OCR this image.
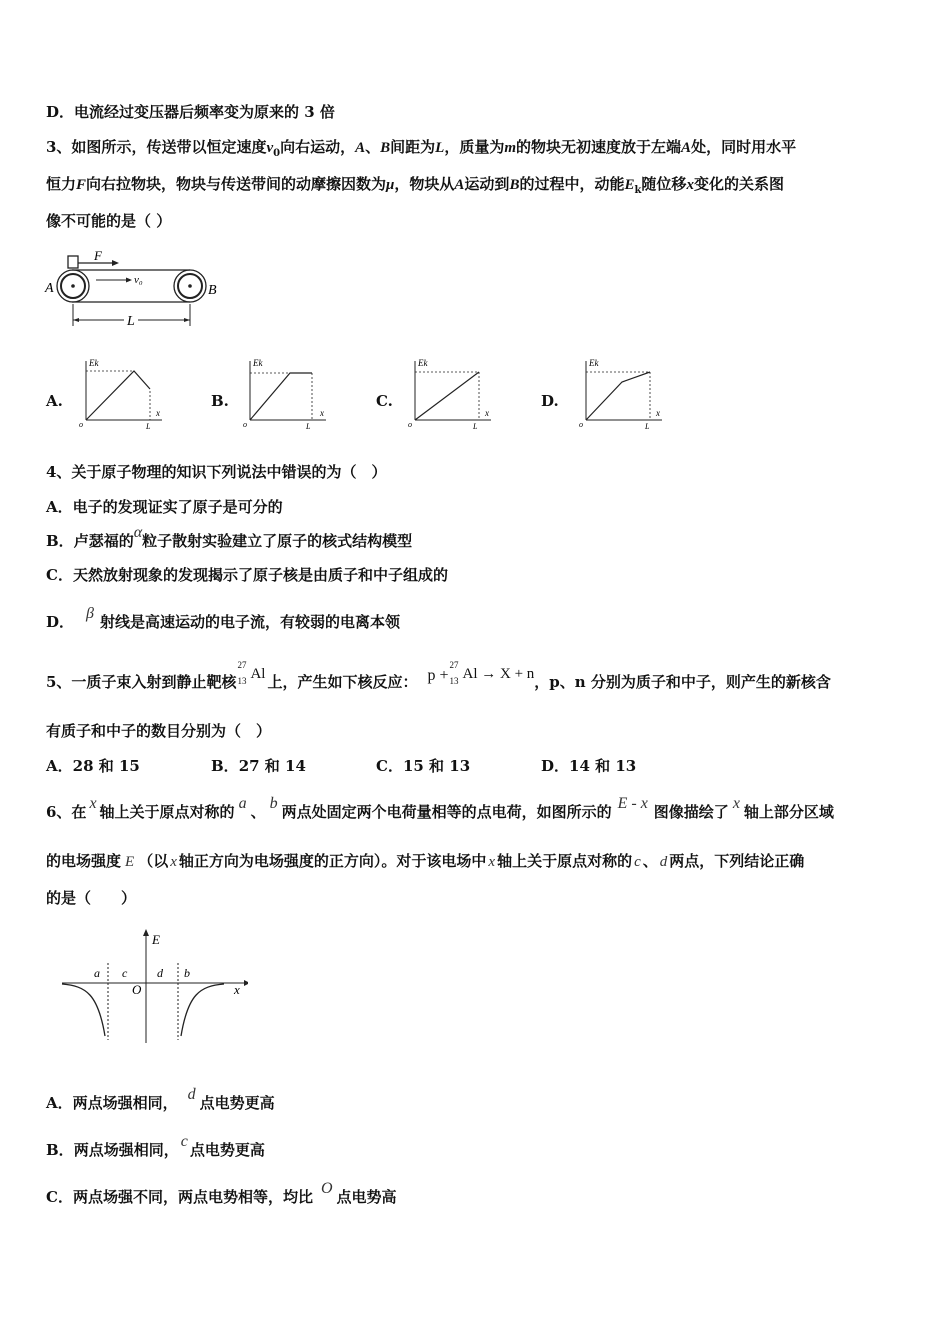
D．电流经过变压器后频率变为原来的 3 倍
3、如图所示，传送带以恒定速度$v_0$向右运动，A、B间距为L，质量为m的物块无初速度放于左端A处，同时用水平
恒力F向右拉物块，物块与传送带间的动摩擦因数为μ，物块从A运动到B的过程中，动能$E_k$随位移x变化的关系图
像不可能的是（ ）
F
v₀
A	B
L
A.
Ek
x
o	L
B.
Ek
x
o	L
C.
Ek
x
o	L
D.
Ek
x
o	L
4、关于原子物理的知识下列说法中错误的为（　）
A．电子的发现证实了原子是可分的
B．卢瑟福的α粒子散射实验建立了原子的核式结构模型
C．天然放射现象的发现揭示了原子核是由质子和中子组成的
D． β 射线是高速运动的电子流，有较弱的电离本领
5、一质子束入射到静止靶核
27
13 Al 上，产生如下核反应： p +
27
13 Al → X + n，p、n 分别为质子和中子，则产生的新核含
有质子和中子的数目分别为（　）
A．28 和 15	B．27 和 14	C．15 和 13	D．14 和 13
6、在 x 轴上关于原点对称的 a 、 b 两点处固定两个电荷量相等的点电荷，如图所示的 E - x 图像描绘了 x 轴上部分区域
的电场强度 E （以 x 轴正方向为电场强度的正方向）。对于该电场中 x 轴上关于原点对称的 c 、 d 两点，下列结论正确
的是（　　）
E
x
O
a c d b
A．两点场强相同， d 点电势更高
B．两点场强相同， c 点电势更高
C．两点场强不同，两点电势相等，均比 O 点电势高
